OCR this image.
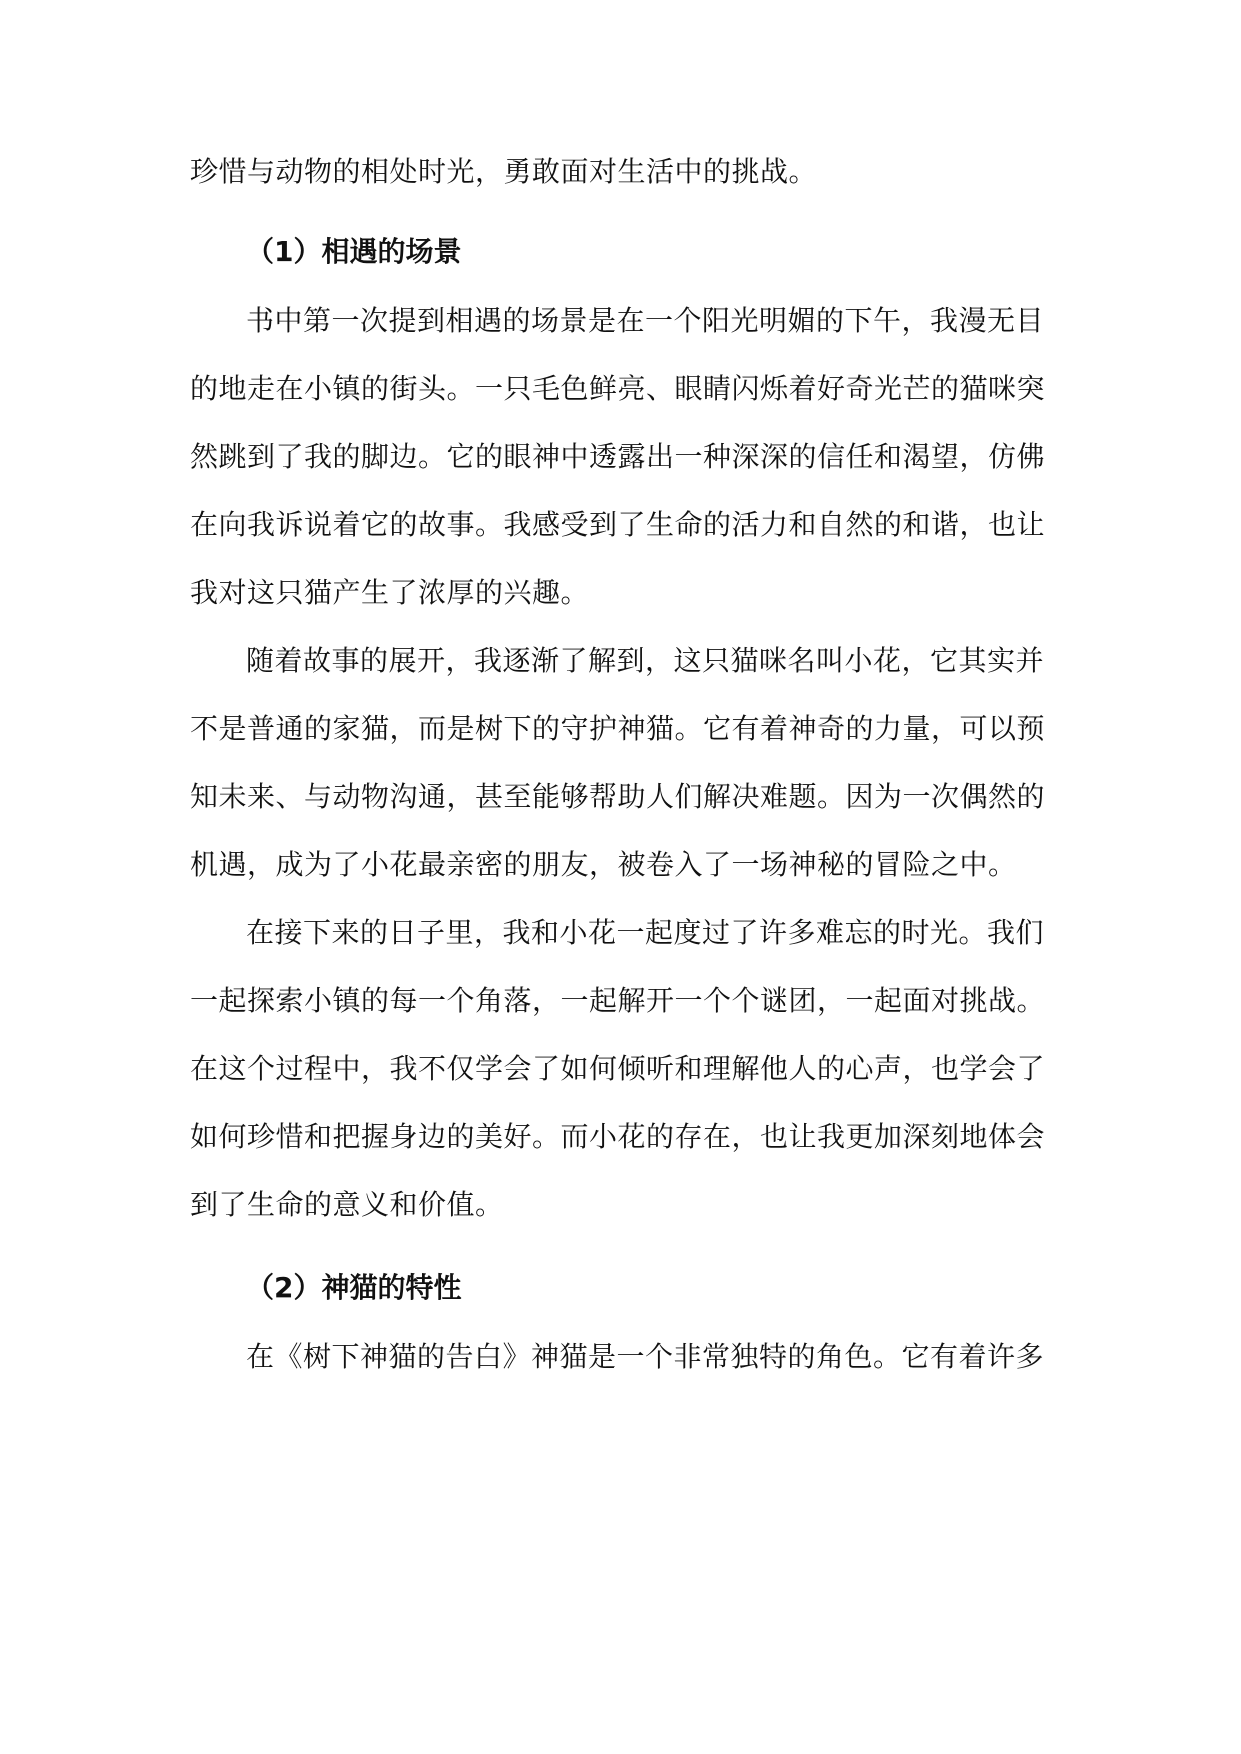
珍惜与动物的相处时光，勇敢面对生活中的挑战。
（1）相遇的场景
书中第一次提到相遇的场景是在一个阳光明媚的下午，我漫无目
的地走在小镇的街头。一只毛色鲜亮、眼睛闪烁着好奇光芒的猫咪突
然跳到了我的脚边。它的眼神中透露出一种深深的信任和渴望，仿佛
在向我诉说着它的故事。我感受到了生命的活力和自然的和谐，也让
我对这只猫产生了浓厚的兴趣。
随着故事的展开，我逐渐了解到，这只猫咪名叫小花，它其实并
不是普通的家猫，而是树下的守护神猫。它有着神奇的力量，可以预
知未来、与动物沟通，甚至能够帮助人们解决难题。因为一次偶然的
机遇，成为了小花最亲密的朋友，被卷入了一场神秘的冒险之中。
在接下来的日子里，我和小花一起度过了许多难忘的时光。我们
一起探索小镇的每一个角落，一起解开一个个谜团，一起面对挑战。
在这个过程中，我不仅学会了如何倾听和理解他人的心声，也学会了
如何珍惜和把握身边的美好。而小花的存在，也让我更加深刻地体会
到了生命的意义和价值。
（2）神猫的特性
在《树下神猫的告白》神猫是一个非常独特的角色。它有着许多
